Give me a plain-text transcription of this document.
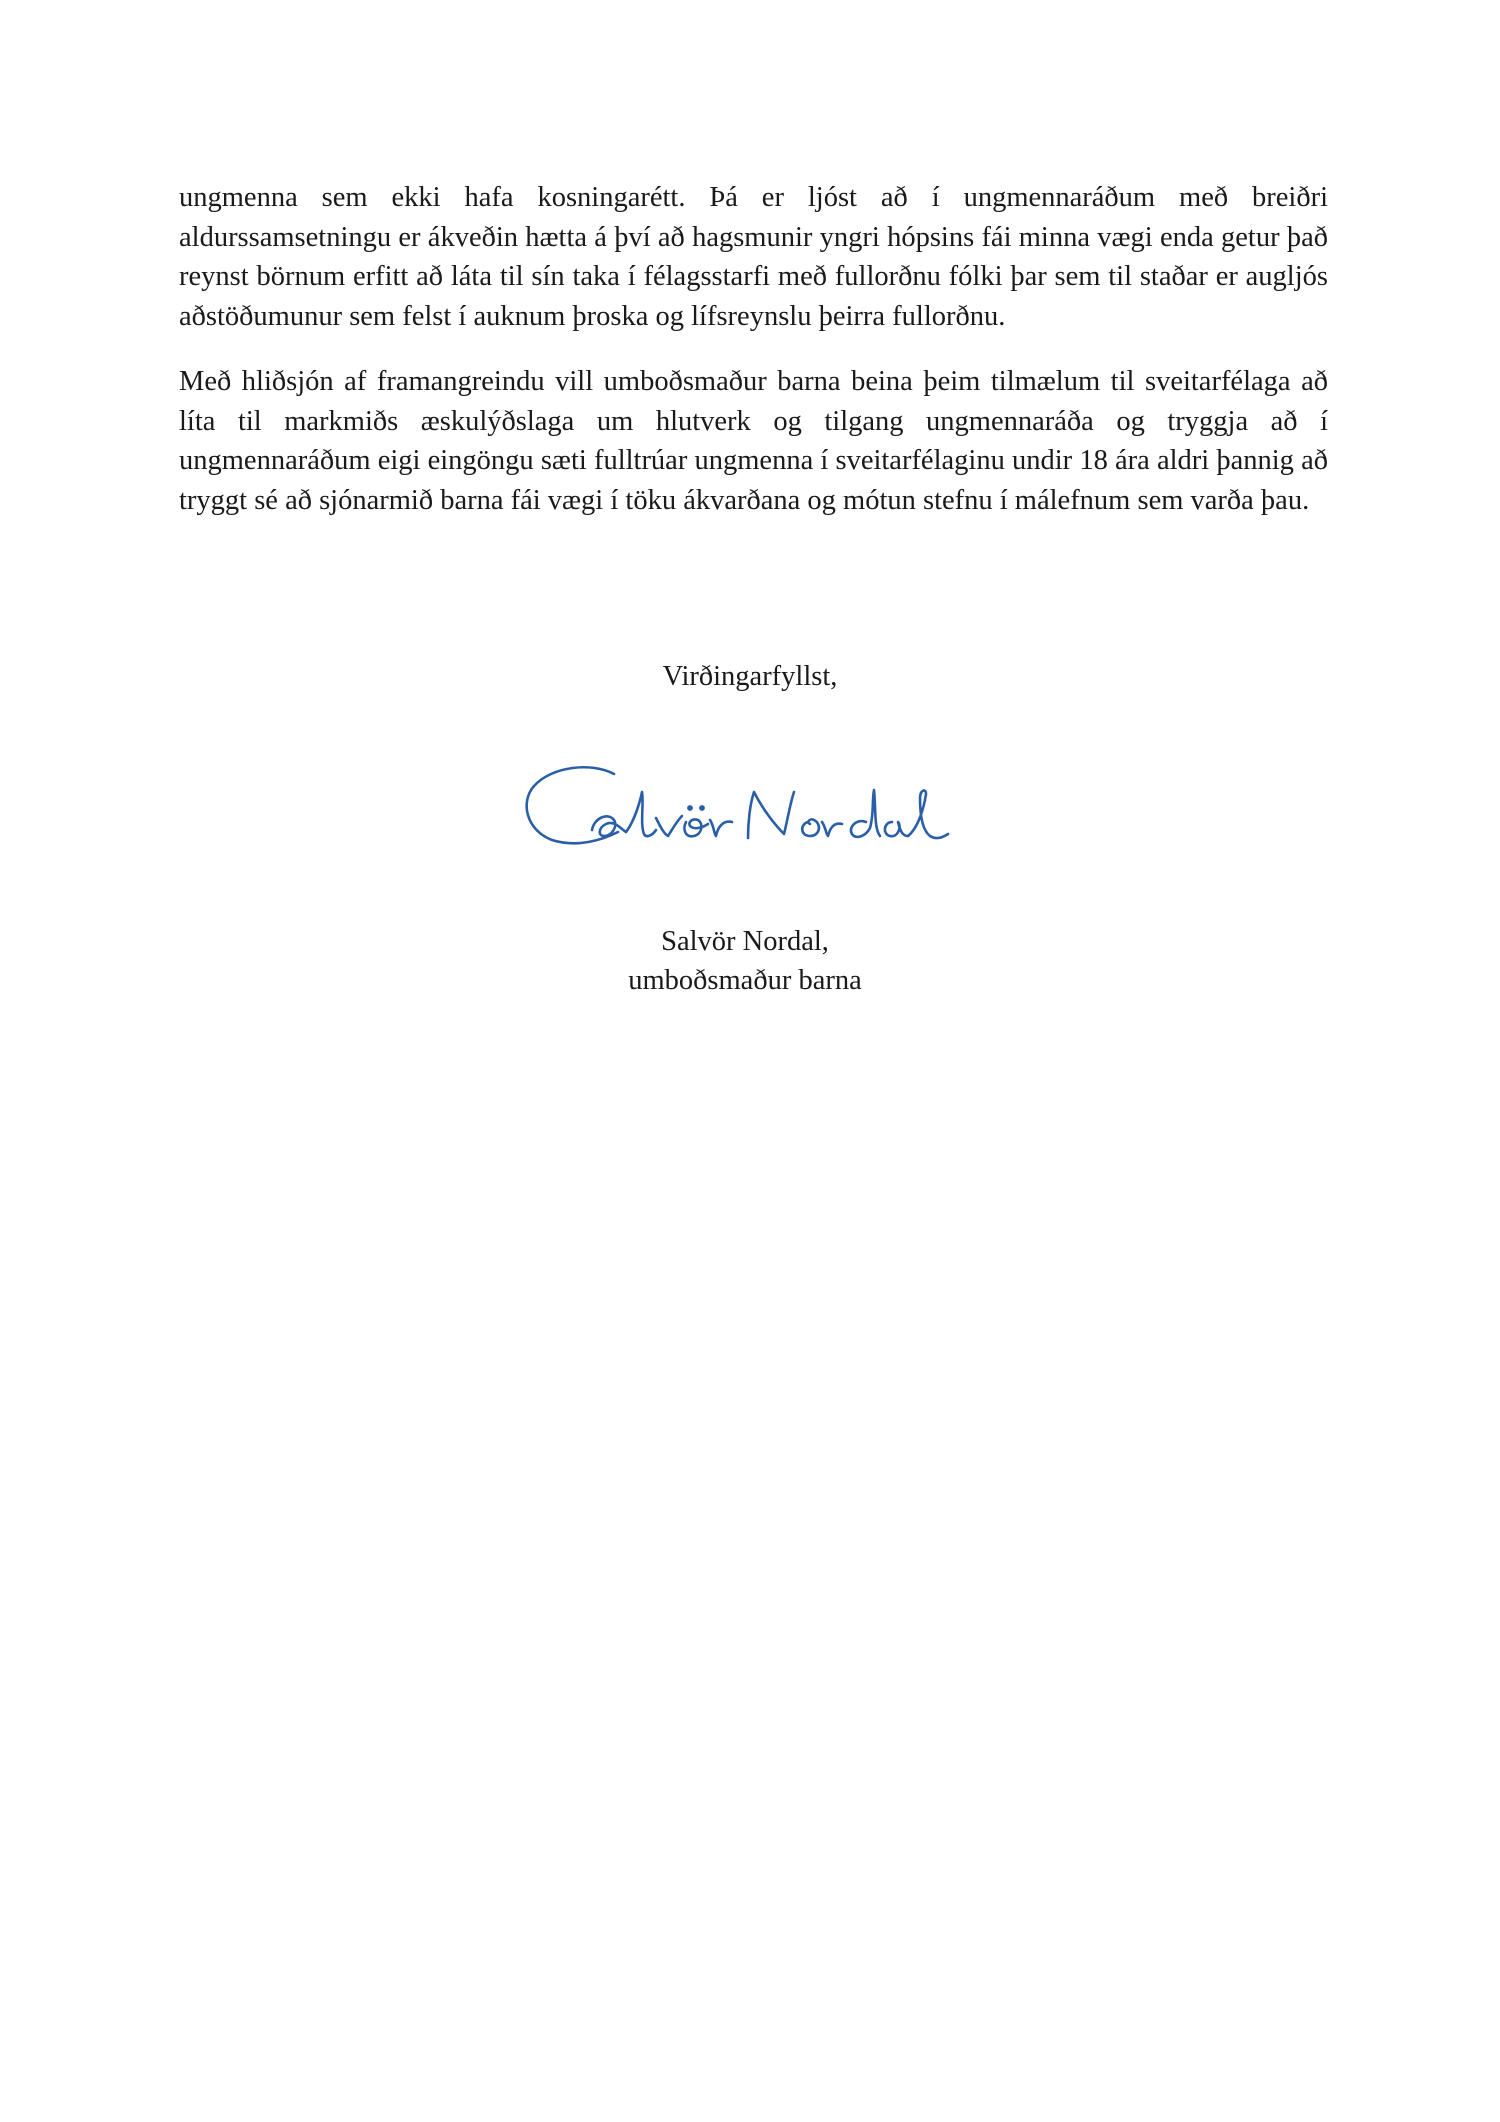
ungmenna sem ekki hafa kosningarétt. Þá er ljóst að í ungmennaráðum með breiðri aldurssamsetningu er ákveðin hætta á því að hagsmunir yngri hópsins fái minna vægi enda getur það reynst börnum erfitt að láta til sín taka í félagsstarfi með fullorðnu fólki þar sem til staðar er augljós aðstöðumunur sem felst í auknum þroska og lífsreynslu þeirra fullorðnu.

Með hliðsjón af framangreindu vill umboðsmaður barna beina þeim tilmælum til sveitarfélaga að líta til markmiðs æskulýðslaga um hlutverk og tilgang ungmennaráða og tryggja að í ungmennaráðum eigi eingöngu sæti fulltrúar ungmenna í sveitarfélaginu undir 18 ára aldri þannig að tryggt sé að sjónarmið barna fái vægi í töku ákvarðana og mótun stefnu í málefnum sem varða þau.

Virðingarfyllst,
Salvör Nordal,
umboðsmaður barna
